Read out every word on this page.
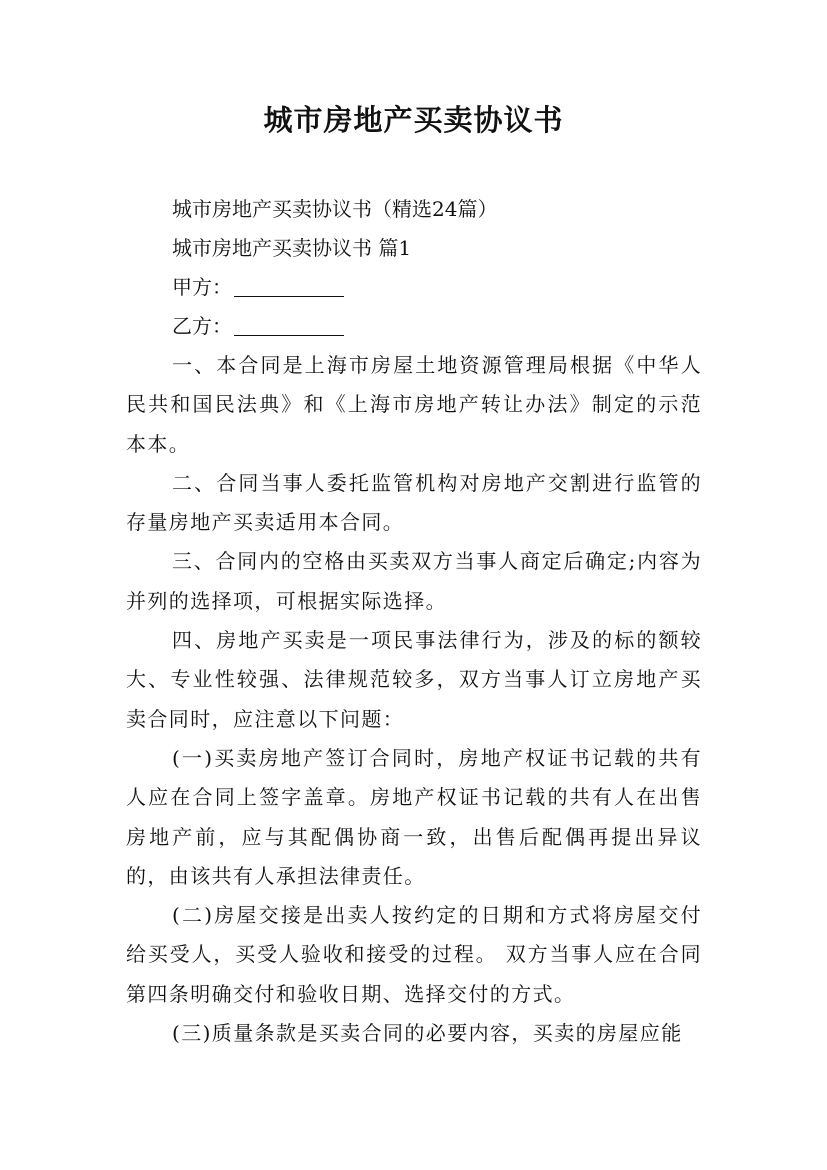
城市房地产买卖协议书
城市房地产买卖协议书（精选24篇）
城市房地产买卖协议书 篇1
甲方：
乙方：
一、本合同是上海市房屋土地资源管理局根据《中华人民共和国民法典》和《上海市房地产转让办法》制定的示范本本。
二、合同当事人委托监管机构对房地产交割进行监管的存量房地产买卖适用本合同。
三、合同内的空格由买卖双方当事人商定后确定;内容为并列的选择项，可根据实际选择。
四、房地产买卖是一项民事法律行为，涉及的标的额较大、专业性较强、法律规范较多，双方当事人订立房地产买卖合同时，应注意以下问题：
(一)买卖房地产签订合同时，房地产权证书记载的共有人应在合同上签字盖章。房地产权证书记载的共有人在出售房地产前，应与其配偶协商一致，出售后配偶再提出异议的，由该共有人承担法律责任。
(二)房屋交接是出卖人按约定的日期和方式将房屋交付给买受人，买受人验收和接受的过程。 双方当事人应在合同第四条明确交付和验收日期、选择交付的方式。
(三)质量条款是买卖合同的必要内容，买卖的房屋应能
